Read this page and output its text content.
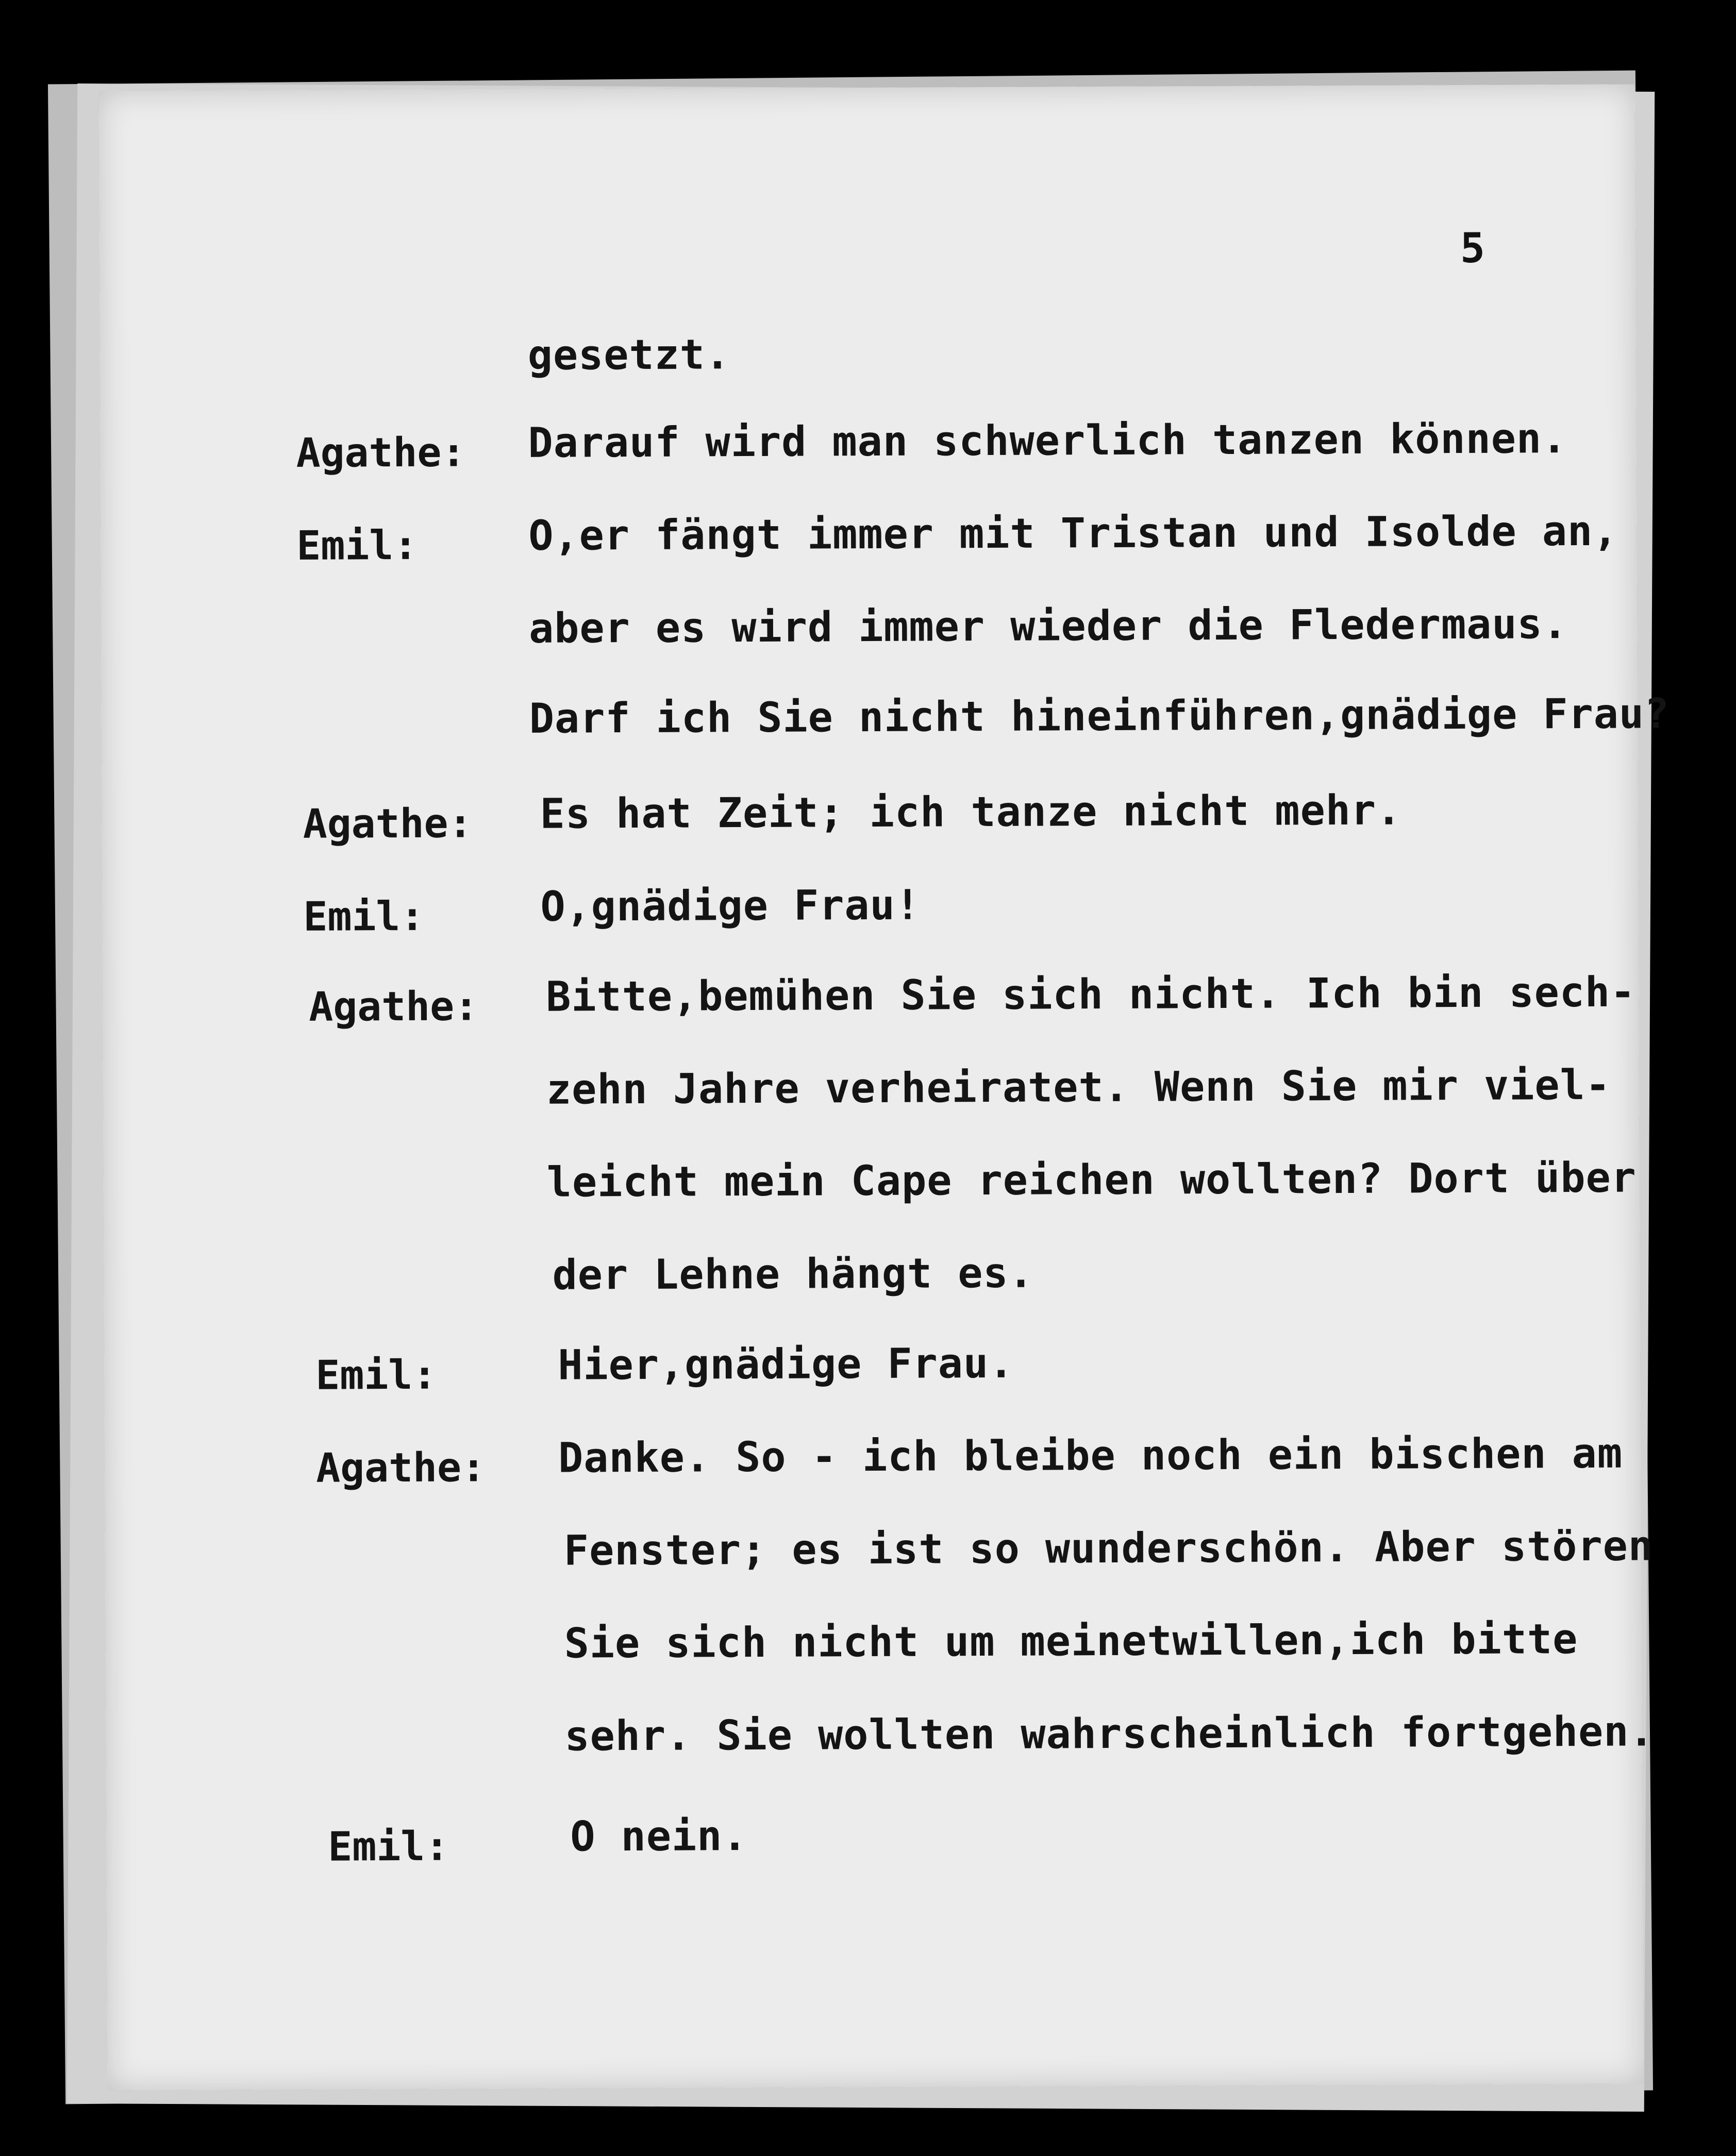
5
gesetzt.
Agathe: Darauf wird man schwerlich tanzen können.
Emil:	O,er fängt immer mit Tristan und Isolde an,
aber es wird immer wieder die Fledermaus.
Darf ich Sie nicht hineinführen,gnädige Frau?
Agathe: Es hat Zeit; ich tanze nicht mehr.
Emil:	O,gnädige Frau!
Agathe: Bitte,bemühen Sie sich nicht. Ich bin sech-
zehn Jahre verheiratet. Wenn Sie mir viel-
leicht mein Cape reichen wollten? Dort über
der Lehne hängt es.
Emil:	Hier,gnädige Frau.
Agathe: Danke. So - ich bleibe noch ein bischen am
Fenster; es ist so wunderschön. Aber stören
Sie sich nicht um meinetwillen,ich bitte
sehr. Sie wollten wahrscheinlich fortgehen.
Emil:	O nein.
